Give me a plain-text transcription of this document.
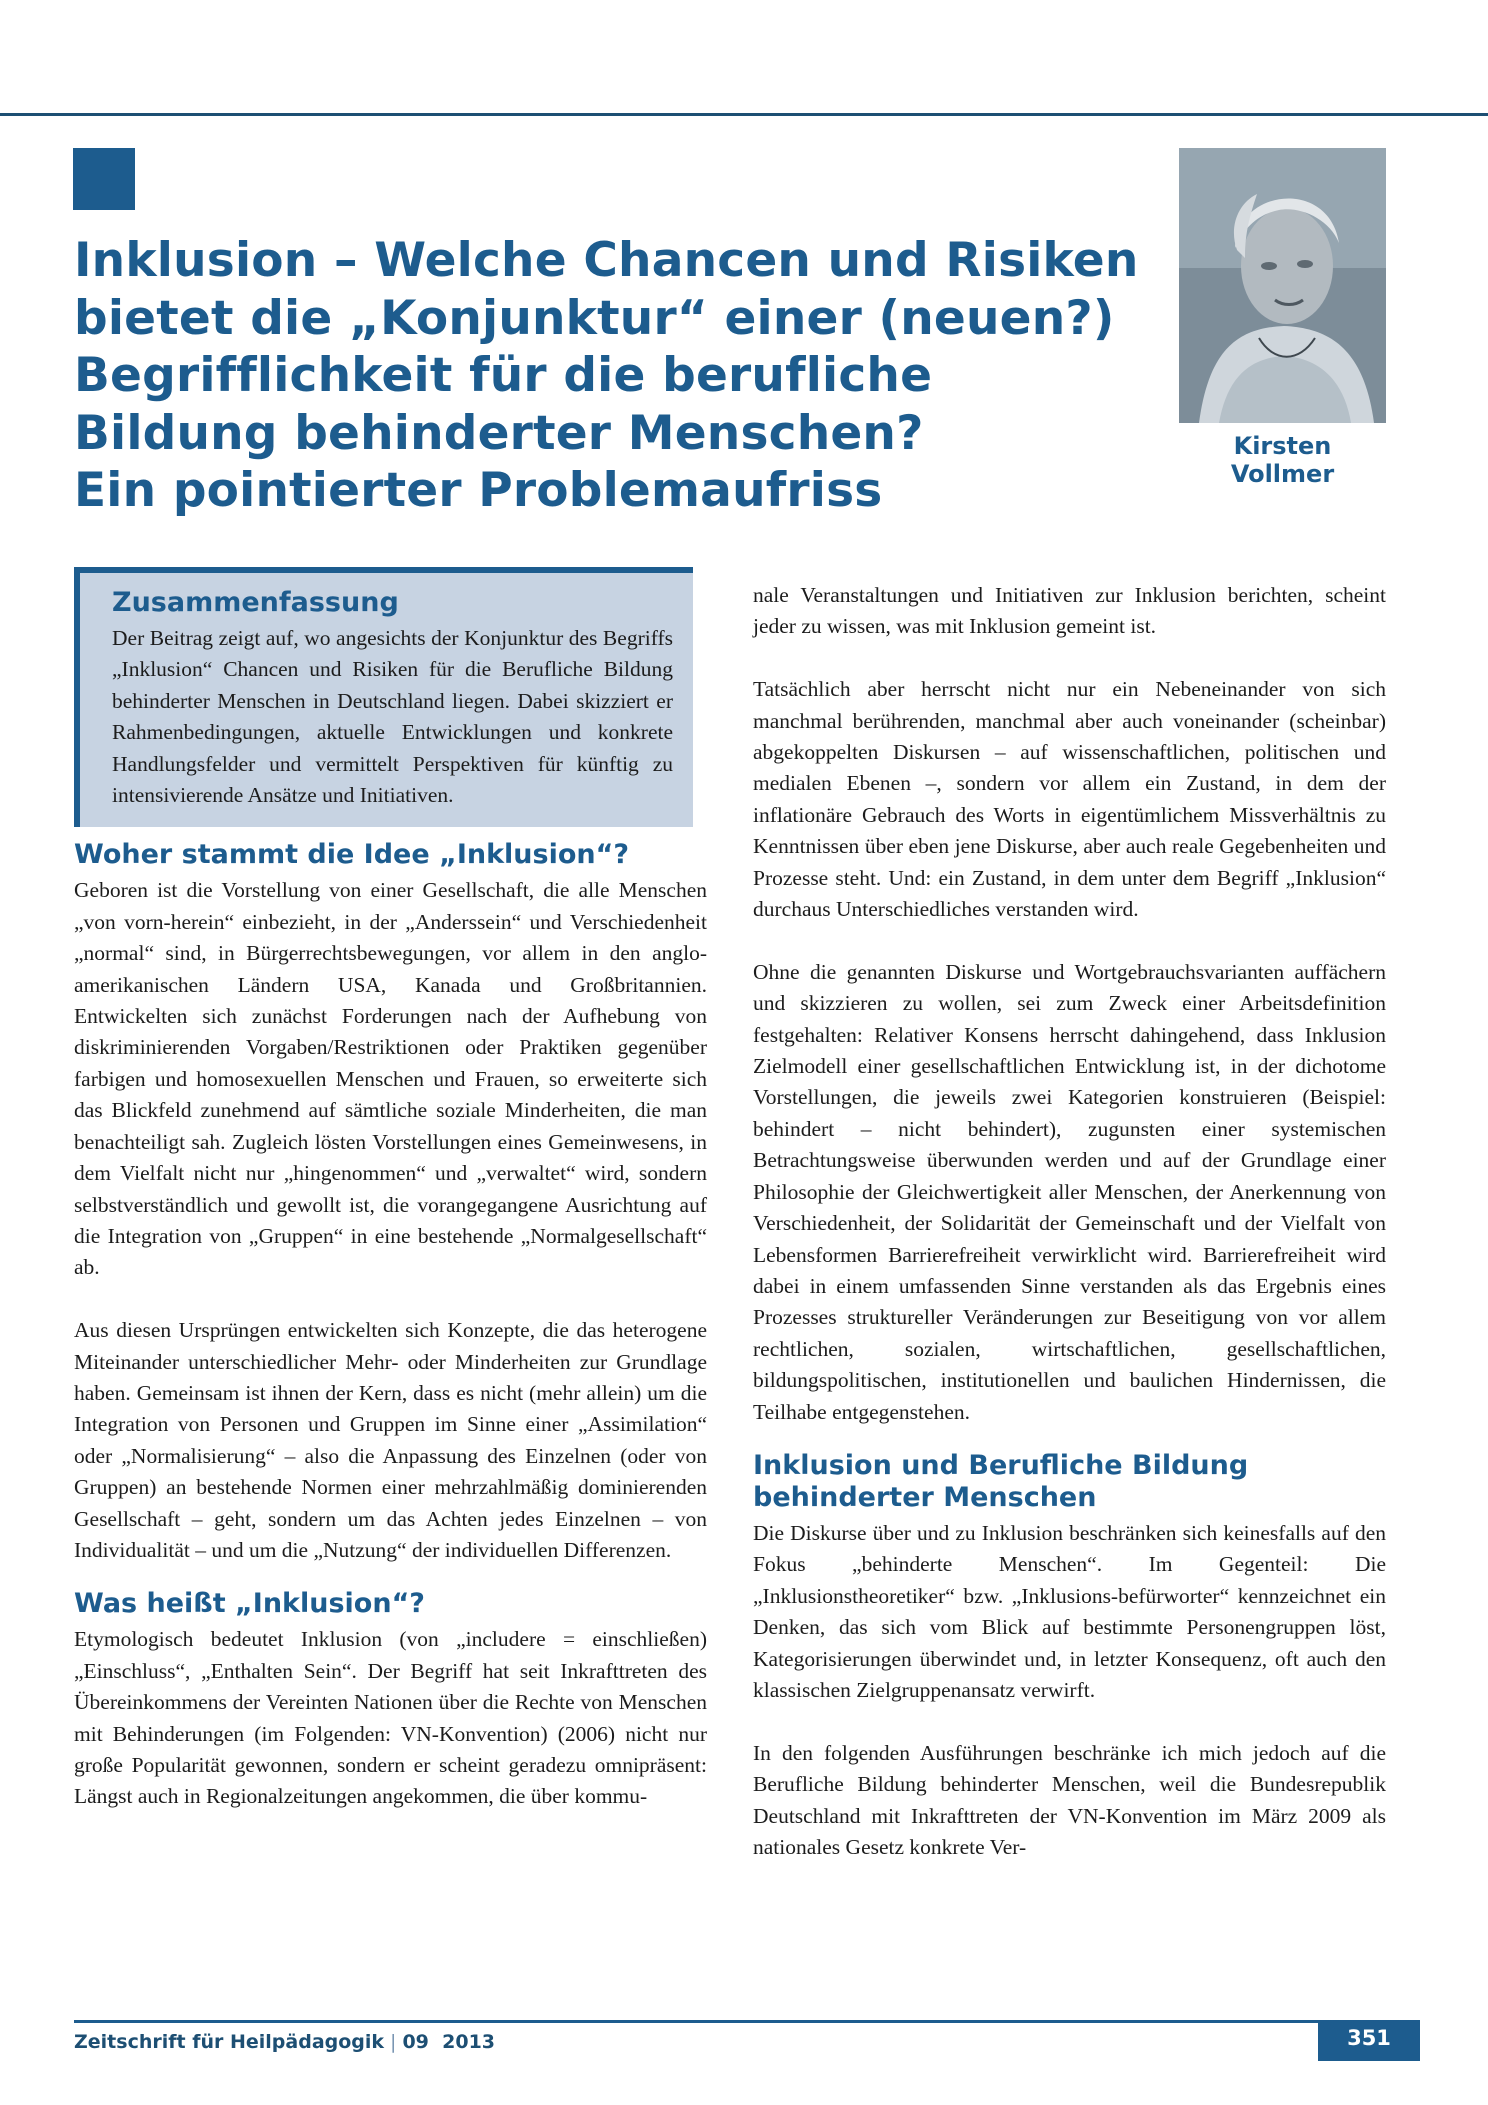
Inklusion – Welche Chancen und Risiken
bietet die „Konjunktur“ einer (neuen?)
Begrifflichkeit für die berufliche
Bildung behinderter Menschen?
Ein pointierter Problemaufriss

Kirsten Vollmer

Zusammenfassung

Der Beitrag zeigt auf, wo angesichts der Konjunktur des Begriffs „Inklusion“ Chancen und Risiken für die Berufliche Bildung behinderter Menschen in Deutschland liegen. Dabei skizziert er Rahmenbedingungen, aktuelle Entwicklungen und konkrete Handlungsfelder und vermittelt Perspektiven für künftig zu intensivierende Ansätze und Initiativen.

Woher stammt die Idee „Inklusion“?

Geboren ist die Vorstellung von einer Gesellschaft, die alle Menschen „von vorn-herein“ einbezieht, in der „Anderssein“ und Verschiedenheit „normal“ sind, in Bürgerrechtsbewegungen, vor allem in den anglo-amerikanischen Ländern USA, Kanada und Großbritannien. Entwickelten sich zunächst Forderungen nach der Aufhebung von diskriminierenden Vorgaben/Restriktionen oder Praktiken gegenüber farbigen und homosexuellen Menschen und Frauen, so erweiterte sich das Blickfeld zunehmend auf sämtliche soziale Minderheiten, die man benachteiligt sah. Zugleich lösten Vorstellungen eines Gemeinwesens, in dem Vielfalt nicht nur „hingenommen“ und „verwaltet“ wird, sondern selbstverständlich und gewollt ist, die vorangegangene Ausrichtung auf die Integration von „Gruppen“ in eine bestehende „Normalgesellschaft“ ab.

Aus diesen Ursprüngen entwickelten sich Konzepte, die das heterogene Miteinander unterschiedlicher Mehr- oder Minderheiten zur Grundlage haben. Gemeinsam ist ihnen der Kern, dass es nicht (mehr allein) um die Integration von Personen und Gruppen im Sinne einer „Assimilation“ oder „Normalisierung“ – also die Anpassung des Einzelnen (oder von Gruppen) an bestehende Normen einer mehrzahlmäßig dominierenden Gesellschaft – geht, sondern um das Achten jedes Einzelnen – von Individualität – und um die „Nutzung“ der individuellen Differenzen.

Was heißt „Inklusion“?

Etymologisch bedeutet Inklusion (von „includere = einschließen) „Einschluss“, „Enthalten Sein“. Der Begriff hat seit Inkrafttreten des Übereinkommens der Vereinten Nationen über die Rechte von Menschen mit Behinderungen (im Folgenden: VN-Konvention) (2006) nicht nur große Popularität gewonnen, sondern er scheint geradezu omnipräsent: Längst auch in Regionalzeitungen angekommen, die über kommu-

nale Veranstaltungen und Initiativen zur Inklusion berichten, scheint jeder zu wissen, was mit Inklusion gemeint ist.

Tatsächlich aber herrscht nicht nur ein Nebeneinander von sich manchmal berührenden, manchmal aber auch voneinander (scheinbar) abgekoppelten Diskursen – auf wissenschaftlichen, politischen und medialen Ebenen –, sondern vor allem ein Zustand, in dem der inflationäre Gebrauch des Worts in eigentümlichem Missverhältnis zu Kenntnissen über eben jene Diskurse, aber auch reale Gegebenheiten und Prozesse steht. Und: ein Zustand, in dem unter dem Begriff „Inklusion“ durchaus Unterschiedliches verstanden wird.

Ohne die genannten Diskurse und Wortgebrauchsvarianten auffächern und skizzieren zu wollen, sei zum Zweck einer Arbeitsdefinition festgehalten: Relativer Konsens herrscht dahingehend, dass Inklusion Zielmodell einer gesellschaftlichen Entwicklung ist, in der dichotome Vorstellungen, die jeweils zwei Kategorien konstruieren (Beispiel: behindert – nicht behindert), zugunsten einer systemischen Betrachtungsweise überwunden werden und auf der Grundlage einer Philosophie der Gleichwertigkeit aller Menschen, der Anerkennung von Verschiedenheit, der Solidarität der Gemeinschaft und der Vielfalt von Lebensformen Barrierefreiheit verwirklicht wird. Barrierefreiheit wird dabei in einem umfassenden Sinne verstanden als das Ergebnis eines Prozesses struktureller Veränderungen zur Beseitigung von vor allem rechtlichen, sozialen, wirtschaftlichen, gesellschaftlichen, bildungspolitischen, institutionellen und baulichen Hindernissen, die Teilhabe entgegenstehen.

Inklusion und Berufliche Bildung behinderter Menschen

Die Diskurse über und zu Inklusion beschränken sich keinesfalls auf den Fokus „behinderte Menschen“. Im Gegenteil: Die „Inklusionstheoretiker“ bzw. „Inklusions-befürworter“ kennzeichnet ein Denken, das sich vom Blick auf bestimmte Personengruppen löst, Kategorisierungen überwindet und, in letzter Konsequenz, oft auch den klassischen Zielgruppenansatz verwirft.

In den folgenden Ausführungen beschränke ich mich jedoch auf die Berufliche Bildung behinderter Menschen, weil die Bundesrepublik Deutschland mit Inkrafttreten der VN-Konvention im März 2009 als nationales Gesetz konkrete Ver-

Zeitschrift für Heilpädagogik | 09  2013	351
